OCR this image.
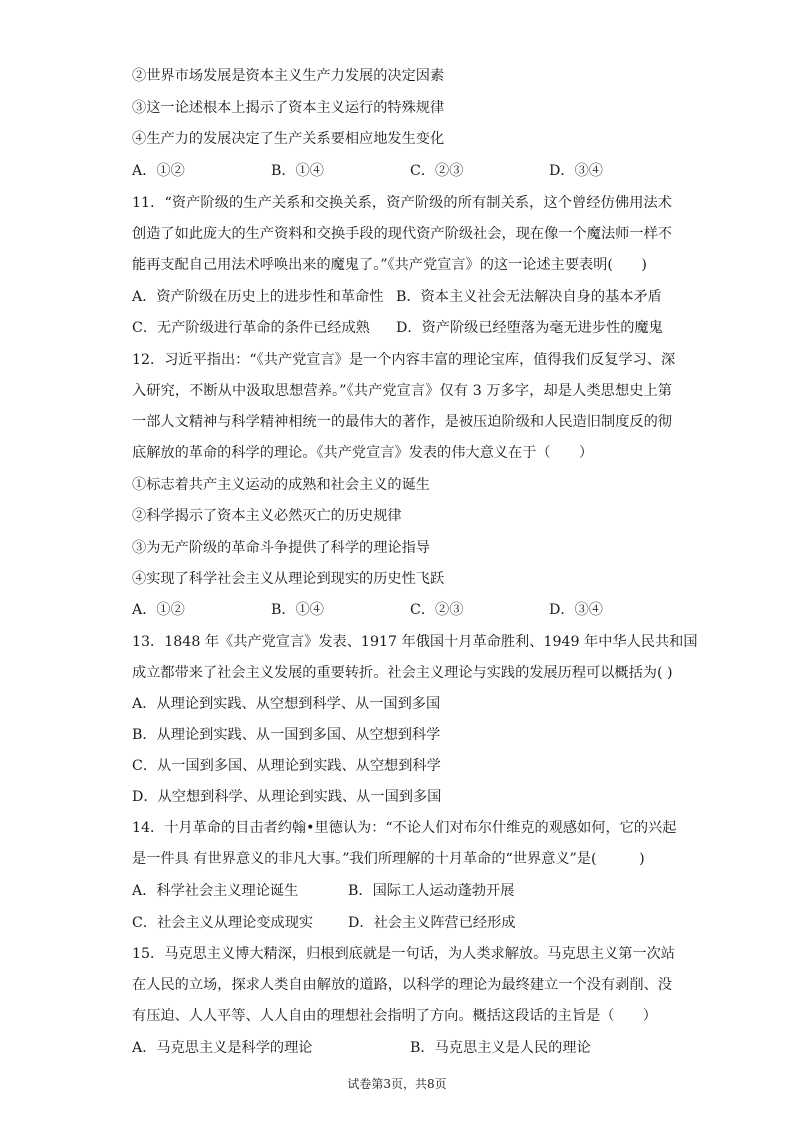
②世界市场发展是资本主义生产力发展的决定因素
③这一论述根本上揭示了资本主义运行的特殊规律
④生产力的发展决定了生产关系要相应地发生变化
A．①②	B．①④	C．②③	D．③④
11．“资产阶级的生产关系和交换关系，资产阶级的所有制关系，这个曾经仿佛用法术
创造了如此庞大的生产资料和交换手段的现代资产阶级社会，现在像一个魔法师一样不
能再支配自己用法术呼唤出来的魔鬼了。”《共产党宣言》的这一论述主要表明(　　)
A．资产阶级在历史上的进步性和革命性 B．资本主义社会无法解决自身的基本矛盾
C．无产阶级进行革命的条件已经成熟 D．资产阶级已经堕落为毫无进步性的魔鬼
12．习近平指出：“《共产党宣言》是一个内容丰富的理论宝库，值得我们反复学习、深
入研究，不断从中汲取思想营养。”《共产党宣言》仅有 3 万多字，却是人类思想史上第
一部人文精神与科学精神相统一的最伟大的著作，是被压迫阶级和人民造旧制度反的彻
底解放的革命的科学的理论。《共产党宣言》发表的伟大意义在于（　　）
①标志着共产主义运动的成熟和社会主义的诞生
②科学揭示了资本主义必然灭亡的历史规律
③为无产阶级的革命斗争提供了科学的理论指导
④实现了科学社会主义从理论到现实的历史性飞跃
A．①②	B．①④	C．②③	D．③④
13．1848 年《共产党宣言》发表、1917 年俄国十月革命胜利、1949 年中华人民共和国
成立都带来了社会主义发展的重要转折。社会主义理论与实践的发展历程可以概括为( )
A．从理论到实践、从空想到科学、从一国到多国
B．从理论到实践、从一国到多国、从空想到科学
C．从一国到多国、从理论到实践、从空想到科学
D．从空想到科学、从理论到实践、从一国到多国
14．十月革命的目击者约翰•里德认为：“不论人们对布尔什维克的观感如何，它的兴起
是一件具 有世界意义的非凡大事。”我们所理解的十月革命的“世界意义”是(　　　)
A．科学社会主义理论诞生	B．国际工人运动蓬勃开展
C．社会主义从理论变成现实 D．社会主义阵营已经形成
15．马克思主义博大精深，归根到底就是一句话，为人类求解放。马克思主义第一次站
在人民的立场，探求人类自由解放的道路，以科学的理论为最终建立一个没有剥削、没
有压迫、人人平等、人人自由的理想社会指明了方向。概括这段话的主旨是（　　）
A．马克思主义是科学的理论	B．马克思主义是人民的理论
试卷第3页，共8页
